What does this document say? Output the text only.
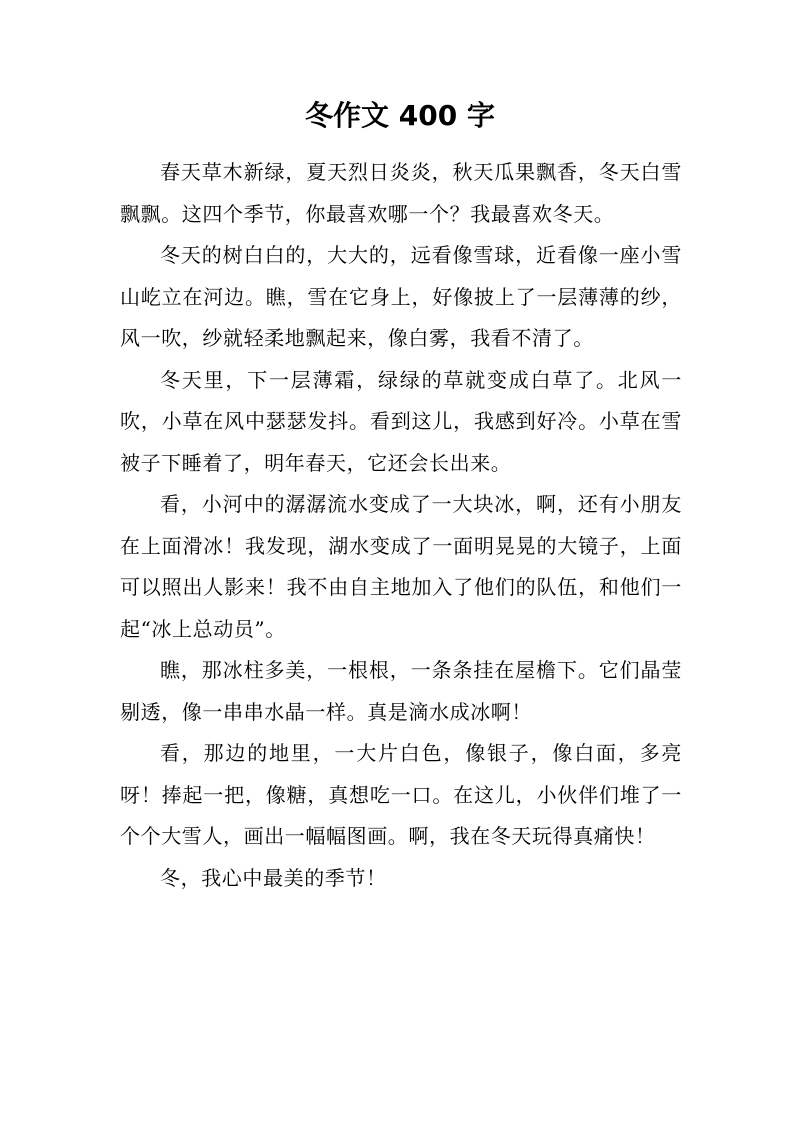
冬作文 400 字

春天草木新绿，夏天烈日炎炎，秋天瓜果飘香，冬天白雪飘飘。这四个季节，你最喜欢哪一个？我最喜欢冬天。

冬天的树白白的，大大的，远看像雪球，近看像一座小雪山屹立在河边。瞧，雪在它身上，好像披上了一层薄薄的纱，风一吹，纱就轻柔地飘起来，像白雾，我看不清了。

冬天里，下一层薄霜，绿绿的草就变成白草了。北风一吹，小草在风中瑟瑟发抖。看到这儿，我感到好冷。小草在雪被子下睡着了，明年春天，它还会长出来。

看，小河中的潺潺流水变成了一大块冰，啊，还有小朋友在上面滑冰！我发现，湖水变成了一面明晃晃的大镜子，上面可以照出人影来！我不由自主地加入了他们的队伍，和他们一起“冰上总动员”。

瞧，那冰柱多美，一根根，一条条挂在屋檐下。它们晶莹剔透，像一串串水晶一样。真是滴水成冰啊！

看，那边的地里，一大片白色，像银子，像白面，多亮呀！捧起一把，像糖，真想吃一口。在这儿，小伙伴们堆了一个个大雪人，画出一幅幅图画。啊，我在冬天玩得真痛快！

冬，我心中最美的季节！
